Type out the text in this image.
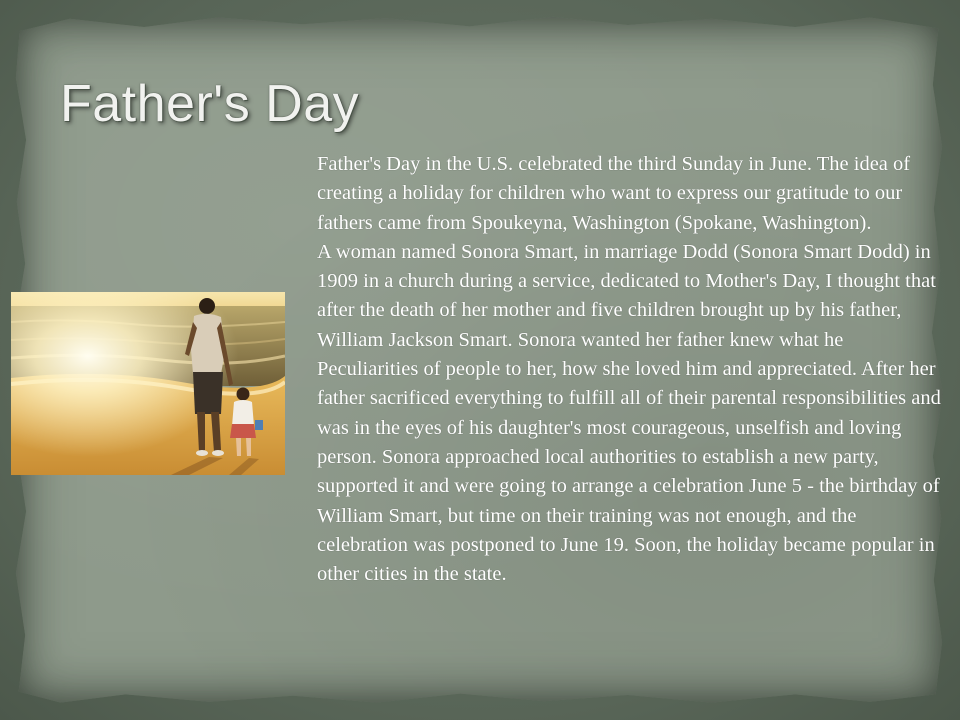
Father's Day

Father's Day in the U.S. celebrated the third Sunday in June. The idea of creating a holiday for children who want to express our gratitude to our fathers came from Spoukeyna, Washington (Spokane, Washington).

A woman named Sonora Smart, in marriage Dodd (Sonora Smart Dodd) in 1909 in a church during a service, dedicated to Mother's Day, I thought that after the death of her mother and five children brought up by his father, William Jackson Smart. Sonora wanted her father knew what he Peculiarities of people to her, how she loved him and appreciated. After her father sacrificed everything to fulfill all of their parental responsibilities and was in the eyes of his daughter's most courageous, unselfish and loving person. Sonora approached local authorities to establish a new party, supported it and were going to arrange a celebration June 5 - the birthday of William Smart, but time on their training was not enough, and the celebration was postponed to June 19. Soon, the holiday became popular in other cities in the state.
